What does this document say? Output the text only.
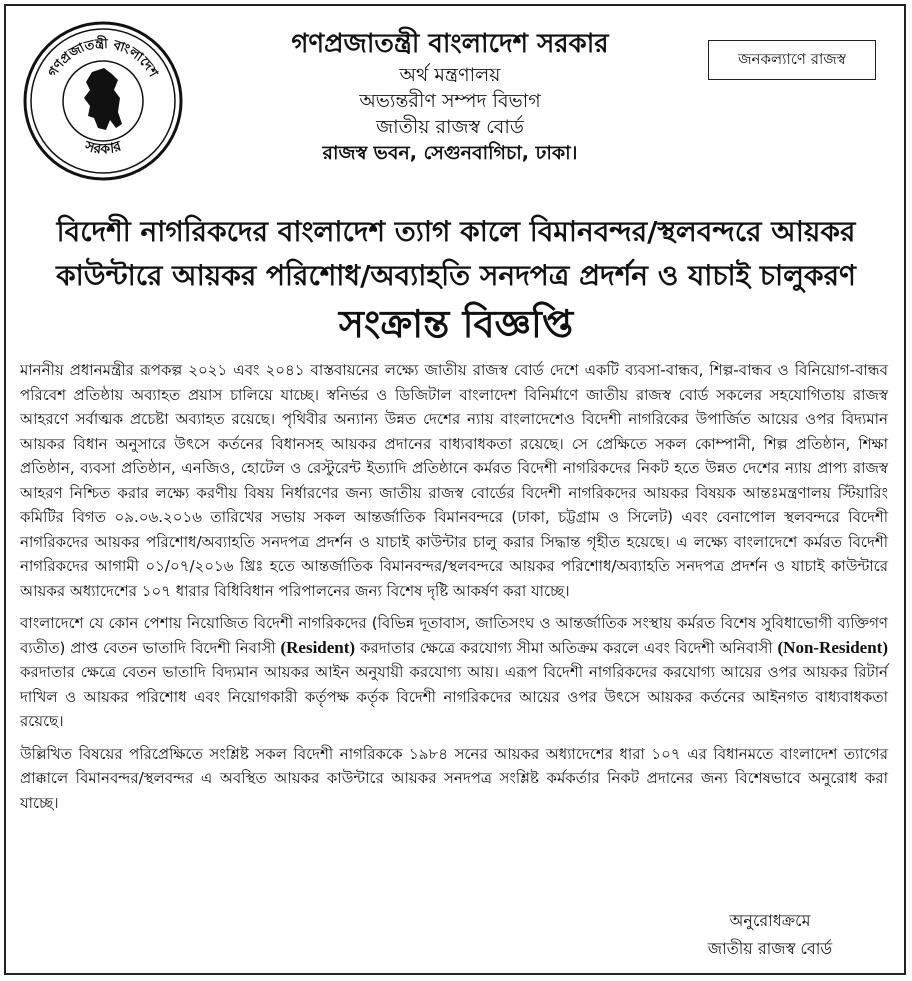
গণপ্রজাতন্ত্রী বাংলাদেশ
সরকার
গণপ্রজাতন্ত্রী বাংলাদেশ সরকার
অর্থ মন্ত্রণালয়
অভ্যন্তরীণ সম্পদ বিভাগ
জাতীয় রাজস্ব বোর্ড
রাজস্ব ভবন, সেগুনবাগিচা, ঢাকা।
জনকল্যাণে রাজস্ব
বিদেশী নাগরিকদের বাংলাদেশ ত্যাগ কালে বিমানবন্দর/স্থলবন্দরে আয়কর
কাউন্টারে আয়কর পরিশোধ/অব্যাহতি সনদপত্র প্রদর্শন ও যাচাই চালুকরণ
সংক্রান্ত বিজ্ঞপ্তি

মাননীয় প্রধানমন্ত্রীর রূপকল্প ২০২১ এবং ২০৪১ বাস্তবায়নের লক্ষ্যে জাতীয় রাজস্ব বোর্ড দেশে একটি ব্যবসা-বান্ধব, শিল্প-বান্ধব ও বিনিয়োগ-বান্ধব পরিবেশ প্রতিষ্ঠায় অব্যাহত প্রয়াস চালিয়ে যাচ্ছে। স্বনির্ভর ও ডিজিটাল বাংলাদেশ বিনির্মাণে জাতীয় রাজস্ব বোর্ড সকলের সহযোগিতায় রাজস্ব আহরণে সর্বাত্মক প্রচেষ্টা অব্যাহত রয়েছে। পৃথিবীর অন্যান্য উন্নত দেশের ন্যায় বাংলাদেশেও বিদেশী নাগরিকের উপার্জিত আয়ের ওপর বিদ্যমান আয়কর বিধান অনুসারে উৎসে কর্তনের বিধানসহ আয়কর প্রদানের বাধ্যবাধকতা রয়েছে। সে প্রেক্ষিতে সকল কোম্পানী, শিল্প প্রতিষ্ঠান, শিক্ষা প্রতিষ্ঠান, ব্যবসা প্রতিষ্ঠান, এনজিও, হোটেল ও রেস্টুরেন্ট ইত্যাদি প্রতিষ্ঠানে কর্মরত বিদেশী নাগরিকদের নিকট হতে উন্নত দেশের ন্যায় প্রাপ্য রাজস্ব আহরণ নিশ্চিত করার লক্ষ্যে করণীয় বিষয় নির্ধারণের জন্য জাতীয় রাজস্ব বোর্ডের বিদেশী নাগরিকদের আয়কর বিষয়ক আন্তঃমন্ত্রণালয় স্টিয়ারিং কমিটির বিগত ০৯.০৬.২০১৬ তারিখের সভায় সকল আন্তর্জাতিক বিমানবন্দরে (ঢাকা, চট্টগ্রাম ও সিলেট) এবং বেনাপোল স্থলবন্দরে বিদেশী নাগরিকদের আয়কর পরিশোধ/অব্যাহতি সনদপত্র প্রদর্শন ও যাচাই কাউন্টার চালু করার সিদ্ধান্ত গৃহীত হয়েছে। এ লক্ষ্যে বাংলাদেশে কর্মরত বিদেশী নাগরিকদের আগামী ০১/০৭/২০১৬ খ্রিঃ হতে আন্তর্জাতিক বিমানবন্দর/স্থলবন্দরে আয়কর পরিশোধ/অব্যাহতি সনদপত্র প্রদর্শন ও যাচাই কাউন্টারে আয়কর অধ্যাদেশের ১০৭ ধারার বিধিবিধান পরিপালনের জন্য বিশেষ দৃষ্টি আকর্ষণ করা যাচ্ছে।

বাংলাদেশে যে কোন পেশায় নিয়োজিত বিদেশী নাগরিকদের (বিভিন্ন দূতাবাস, জাতিসংঘ ও আন্তর্জাতিক সংস্থায় কর্মরত বিশেষ সুবিধাভোগী ব্যক্তিগণ ব্যতীত) প্রাপ্ত বেতন ভাতাদি বিদেশী নিবাসী (Resident) করদাতার ক্ষেত্রে করযোগ্য সীমা অতিক্রম করলে এবং বিদেশী অনিবাসী (Non-Resident) করদাতার ক্ষেত্রে বেতন ভাতাদি বিদ্যমান আয়কর আইন অনুযায়ী করযোগ্য আয়। এরূপ বিদেশী নাগরিকদের করযোগ্য আয়ের ওপর আয়কর রিটার্ন দাখিল ও আয়কর পরিশোধ এবং নিয়োগকারী কর্তৃপক্ষ কর্তৃক বিদেশী নাগরিকদের আয়ের ওপর উৎসে আয়কর কর্তনের আইনগত বাধ্যবাধকতা রয়েছে।

উল্লিখিত বিষয়ের পরিপ্রেক্ষিতে সংশ্লিষ্ট সকল বিদেশী নাগরিককে ১৯৮৪ সনের আয়কর অধ্যাদেশের ধারা ১০৭ এর বিধানমতে বাংলাদেশ ত্যাগের প্রাক্কালে বিমানবন্দর/স্থলবন্দর এ অবস্থিত আয়কর কাউন্টারে আয়কর সনদপত্র সংশ্লিষ্ট কর্মকর্তার নিকট প্রদানের জন্য বিশেষভাবে অনুরোধ করা যাচ্ছে।

অনুরোধক্রমে
জাতীয় রাজস্ব বোর্ড
